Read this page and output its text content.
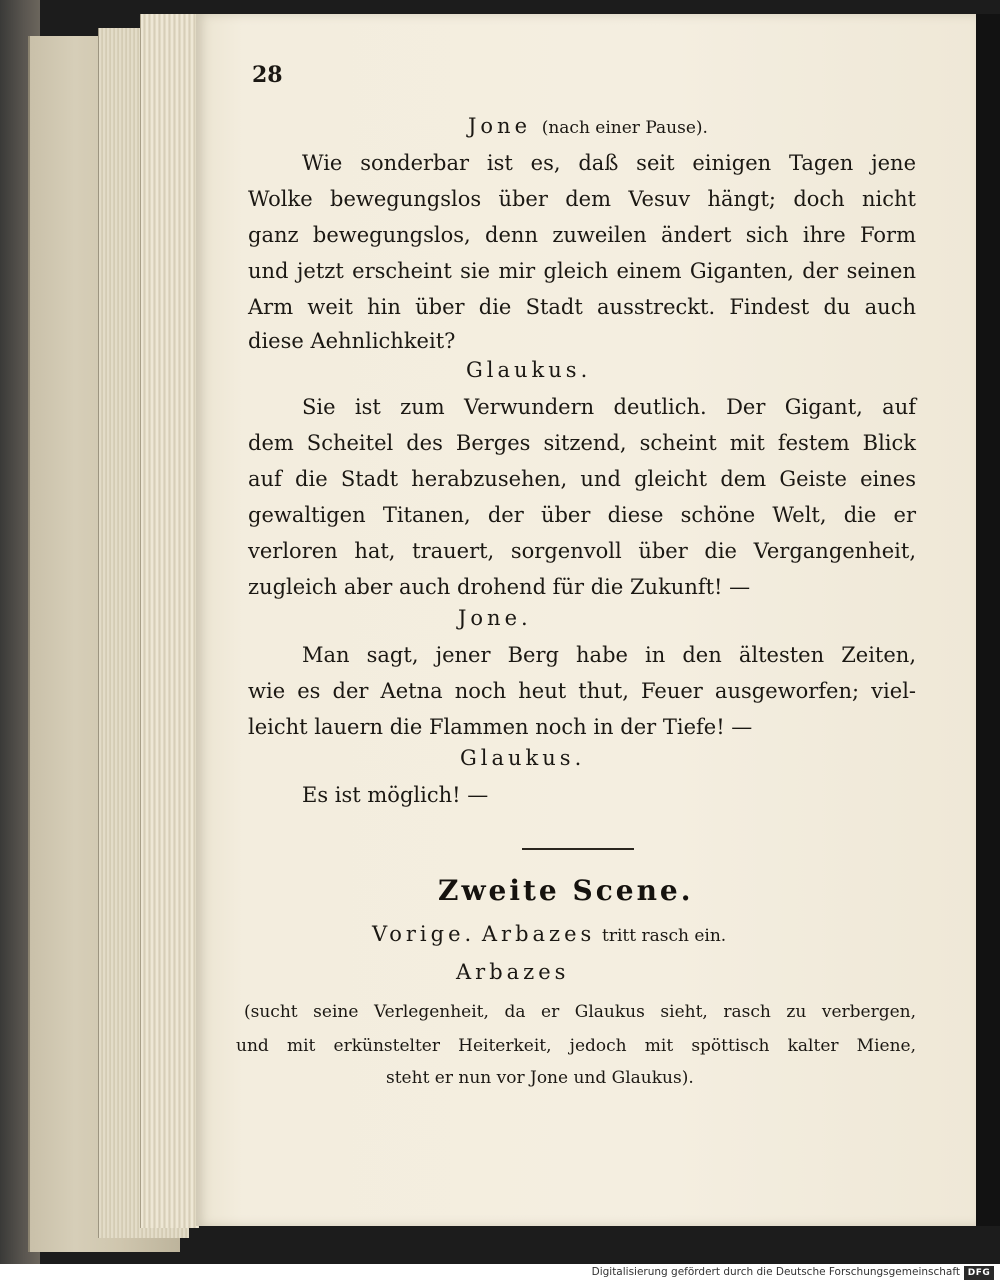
28
Jone (nach einer Pause).
Wie sonderbar ist es, daß seit einigen Tagen jene
Wolke bewegungslos über dem Vesuv hängt; doch nicht
ganz bewegungslos, denn zuweilen ändert sich ihre Form
und jetzt erscheint sie mir gleich einem Giganten, der seinen
Arm weit hin über die Stadt ausstreckt. Findest du auch
diese Aehnlichkeit?
Glaukus.
Sie ist zum Verwundern deutlich. Der Gigant, auf
dem Scheitel des Berges sitzend, scheint mit festem Blick
auf die Stadt herabzusehen, und gleicht dem Geiste eines
gewaltigen Titanen, der über diese schöne Welt, die er
verloren hat, trauert, sorgenvoll über die Vergangenheit,
zugleich aber auch drohend für die Zukunft! —
Jone.
Man sagt, jener Berg habe in den ältesten Zeiten,
wie es der Aetna noch heut thut, Feuer ausgeworfen; viel-
leicht lauern die Flammen noch in der Tiefe! —
Glaukus.
Es ist möglich! —
Zweite Scene.
Vorige. Arbazes tritt rasch ein.
Arbazes
(sucht seine Verlegenheit, da er Glaukus sieht, rasch zu verbergen,
und mit erkünstelter Heiterkeit, jedoch mit spöttisch kalter Miene,
steht er nun vor Jone und Glaukus).
Digitalisierung gefördert durch die Deutsche Forschungsgemeinschaft DFG
